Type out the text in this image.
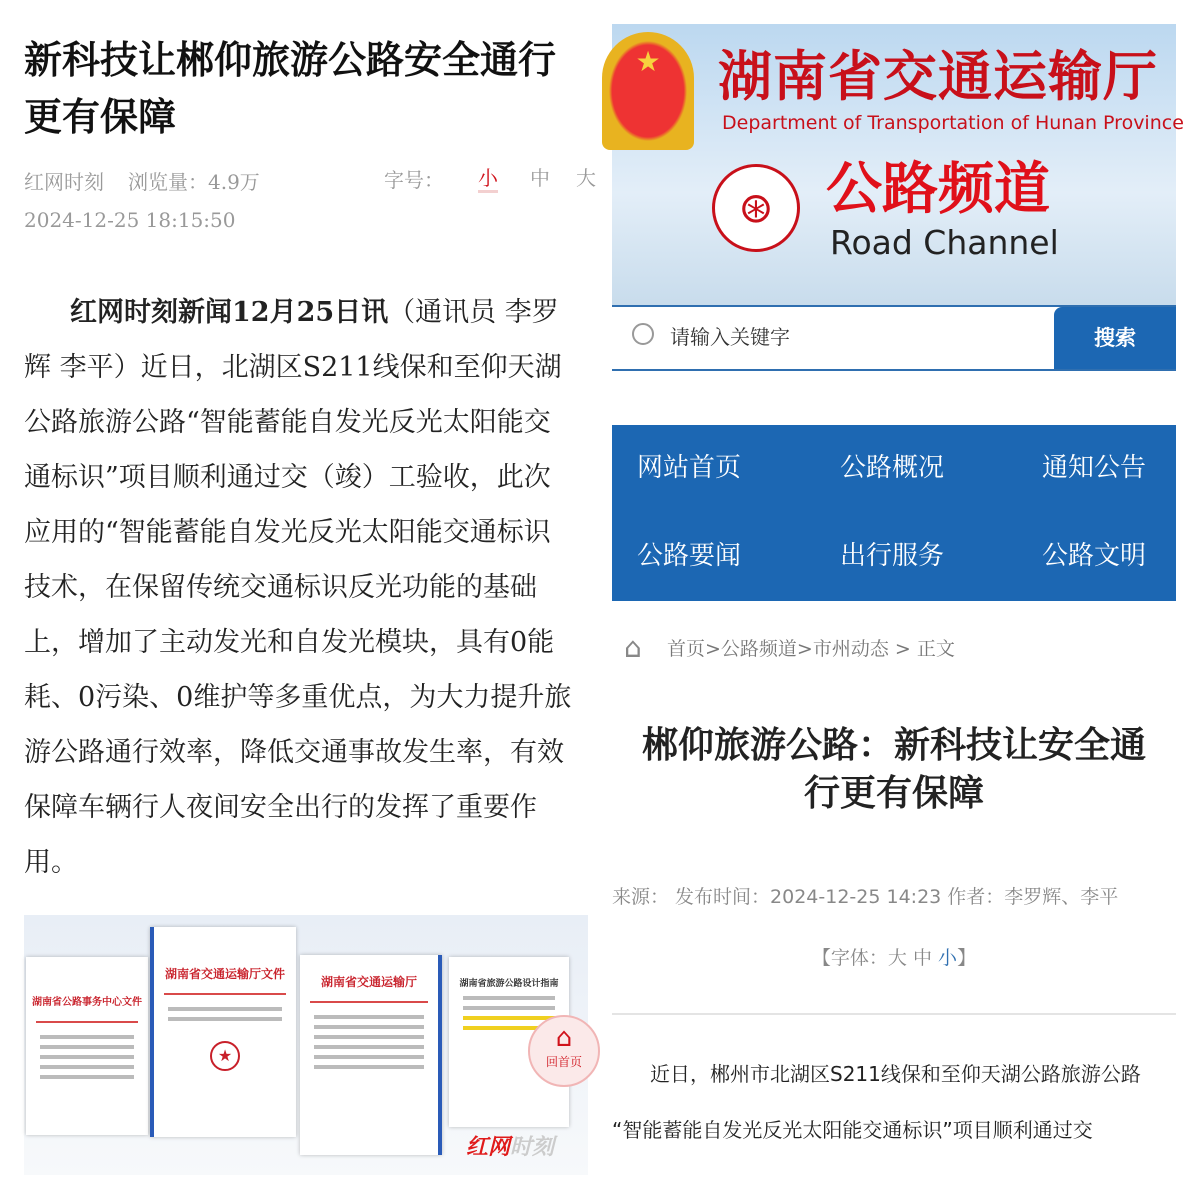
新科技让郴仰旅游公路安全通行
更有保障
红网时刻 浏览量：4.9万	字号： 小 中 大
2024-12-25 18:15:50
红网时刻新闻12月25日讯（通讯员 李罗
辉 李平）近日，北湖区S211线保和至仰天湖
公路旅游公路“智能蓄能自发光反光太阳能交
通标识”项目顺利通过交（竣）工验收，此次
应用的“智能蓄能自发光反光太阳能交通标识
技术，在保留传统交通标识反光功能的基础
上，增加了主动发光和自发光模块，具有0能
耗、0污染、0维护等多重优点，为大力提升旅
游公路通行效率，降低交通事故发生率，有效
保障车辆行人夜间安全出行的发挥了重要作
用。
湖南省公路事务中心文件
湖南省交通运输厅文件
★
湖南省交通运输厅	湖南省旅游公路设计指南
⌂
回首页
红网时刻
★	湖南省交通运输厅
Department of Transportation of Hunan Province
⊛ 公路频道
Road Channel
请输入关键字	搜索
网站首页	公路概况	通知公告
公路要闻	出行服务	公路文明
⌂ 首页>公路频道>市州动态 > 正文
郴仰旅游公路：新科技让安全通
行更有保障
来源： 发布时间：2024-12-25 14:23 作者：李罗辉、李平
【字体：大 中 小】
近日，郴州市北湖区S211线保和至仰天湖公路旅游公路
“智能蓄能自发光反光太阳能交通标识”项目顺利通过交
